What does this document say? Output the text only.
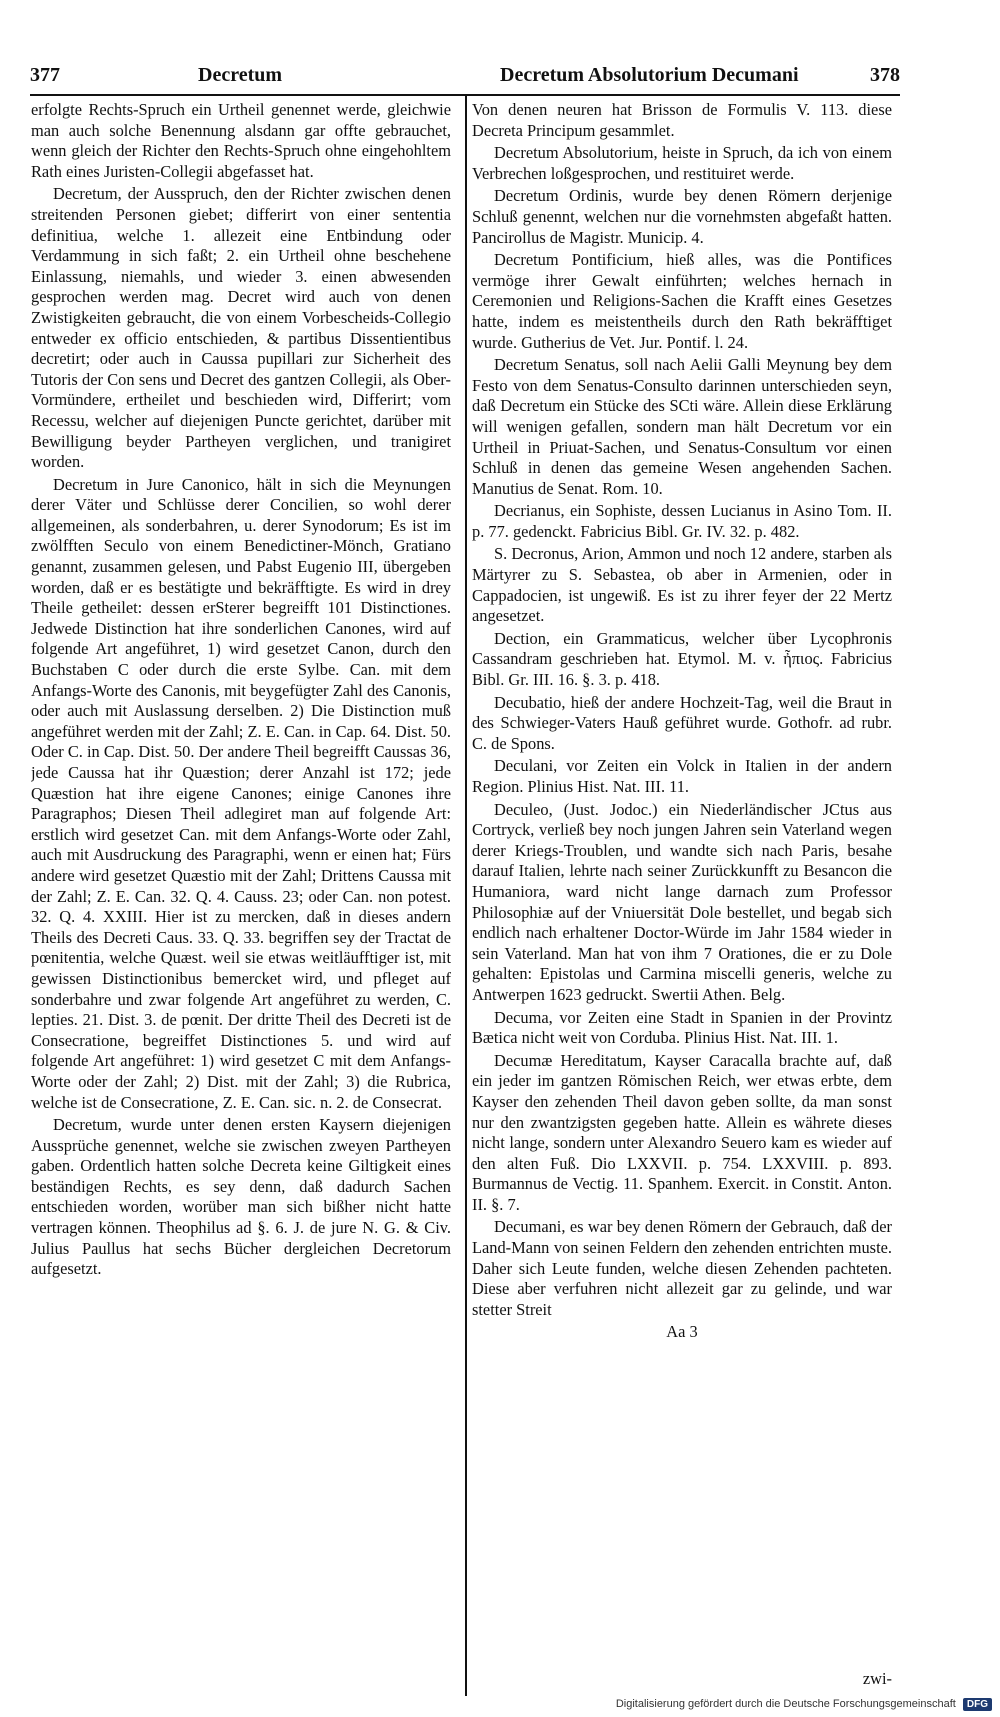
377	Decretum	Decretum Absolutorium Decumani	378

erfolgte Rechts-Spruch ein Urtheil genennet werde, gleichwie man auch solche Benennung alsdann gar offte gebrauchet, wenn gleich der Richter den Rechts-Spruch ohne eingehohltem Rath eines Juristen-Collegii abgefasset hat.

Decretum, der Ausspruch, den der Richter zwischen denen streitenden Personen giebet; differirt von einer sententia definitiua, welche 1. allezeit eine Entbindung oder Verdammung in sich faßt; 2. ein Urtheil ohne beschehene Einlassung, niemahls, und wieder 3. einen abwesenden gesprochen werden mag. Decret wird auch von denen Zwistigkeiten gebraucht, die von einem Vorbescheids-Collegio entweder ex officio entschieden, & partibus Dissentientibus decretirt; oder auch in Caussa pupillari zur Sicherheit des Tutoris der Con sens und Decret des gantzen Collegii, als Ober-Vormündere, ertheilet und beschieden wird, Differirt; vom Recessu, welcher auf diejenigen Puncte gerichtet, darüber mit Bewilligung beyder Partheyen verglichen, und tranigiret worden.

Decretum in Jure Canonico, hält in sich die Meynungen derer Väter und Schlüsse derer Concilien, so wohl derer allgemeinen, als sonderbahren, u. derer Synodorum; Es ist im zwölfften Seculo von einem Benedictiner-Mönch, Gratiano genannt, zusammen gelesen, und Pabst Eugenio III, übergeben worden, daß er es bestätigte und bekräfftigte. Es wird in drey Theile getheilet: dessen erSterer begreifft 101 Distinctiones. Jedwede Distinction hat ihre sonderlichen Canones, wird auf folgende Art angeführet, 1) wird gesetzet Canon, durch den Buchstaben C oder durch die erste Sylbe. Can. mit dem Anfangs-Worte des Canonis, mit beygefügter Zahl des Canonis, oder auch mit Auslassung derselben. 2) Die Distinction muß angeführet werden mit der Zahl; Z. E. Can. in Cap. 64. Dist. 50. Oder C. in Cap. Dist. 50. Der andere Theil begreifft Caussas 36, jede Caussa hat ihr Quæstion; derer Anzahl ist 172; jede Quæstion hat ihre eigene Canones; einige Canones ihre Paragraphos; Diesen Theil adlegiret man auf folgende Art: erstlich wird gesetzet Can. mit dem Anfangs-Worte oder Zahl, auch mit Ausdruckung des Paragraphi, wenn er einen hat; Fürs andere wird gesetzet Quæstio mit der Zahl; Drittens Caussa mit der Zahl; Z. E. Can. 32. Q. 4. Causs. 23; oder Can. non potest. 32. Q. 4. XXIII. Hier ist zu mercken, daß in dieses andern Theils des Decreti Caus. 33. Q. 33. begriffen sey der Tractat de pœnitentia, welche Quæst. weil sie etwas weitläufftiger ist, mit gewissen Distinctionibus bemercket wird, und pfleget auf sonderbahre und zwar folgende Art angeführet zu werden, C. lepties. 21. Dist. 3. de pœnit. Der dritte Theil des Decreti ist de Consecratione, begreiffet Distinctiones 5. und wird auf folgende Art angeführet: 1) wird gesetzet C mit dem Anfangs-Worte oder der Zahl; 2) Dist. mit der Zahl; 3) die Rubrica, welche ist de Consecratione, Z. E. Can. sic. n. 2. de Consecrat.

Decretum, wurde unter denen ersten Kaysern diejenigen Aussprüche genennet, welche sie zwischen zweyen Partheyen gaben. Ordentlich hatten solche Decreta keine Giltigkeit eines beständigen Rechts, es sey denn, daß dadurch Sachen entschieden worden, worüber man sich bißher nicht hatte vertragen können. Theophilus ad §. 6. J. de jure N. G. & Civ. Julius Paullus hat sechs Bücher dergleichen Decretorum aufgesetzt.

Von denen neuren hat Brisson de Formulis V. 113. diese Decreta Principum gesammlet.

Decretum Absolutorium, heiste in Spruch, da ich von einem Verbrechen loßgesprochen, und restituiret werde.

Decretum Ordinis, wurde bey denen Römern derjenige Schluß genennt, welchen nur die vornehmsten abgefaßt hatten. Pancirollus de Magistr. Municip. 4.

Decretum Pontificium, hieß alles, was die Pontifices vermöge ihrer Gewalt einführten; welches hernach in Ceremonien und Religions-Sachen die Krafft eines Gesetzes hatte, indem es meistentheils durch den Rath bekräfftiget wurde. Gutherius de Vet. Jur. Pontif. l. 24.

Decretum Senatus, soll nach Aelii Galli Meynung bey dem Festo von dem Senatus-Consulto darinnen unterschieden seyn, daß Decretum ein Stücke des SCti wäre. Allein diese Erklärung will wenigen gefallen, sondern man hält Decretum vor ein Urtheil in Priuat-Sachen, und Senatus-Consultum vor einen Schluß in denen das gemeine Wesen angehenden Sachen. Manutius de Senat. Rom. 10.

Decrianus, ein Sophiste, dessen Lucianus in Asino Tom. II. p. 77. gedenckt. Fabricius Bibl. Gr. IV. 32. p. 482.

S. Decronus, Arion, Ammon und noch 12 andere, starben als Märtyrer zu S. Sebastea, ob aber in Armenien, oder in Cappadocien, ist ungewiß. Es ist zu ihrer feyer der 22 Mertz angesetzet.

Dection, ein Grammaticus, welcher über Lycophronis Cassandram geschrieben hat. Etymol. M. v. ἦπιος. Fabricius Bibl. Gr. III. 16. §. 3. p. 418.

Decubatio, hieß der andere Hochzeit-Tag, weil die Braut in des Schwieger-Vaters Hauß geführet wurde. Gothofr. ad rubr. C. de Spons.

Deculani, vor Zeiten ein Volck in Italien in der andern Region. Plinius Hist. Nat. III. 11.

Deculeo, (Just. Jodoc.) ein Niederländischer JCtus aus Cortryck, verließ bey noch jungen Jahren sein Vaterland wegen derer Kriegs-Troublen, und wandte sich nach Paris, besahe darauf Italien, lehrte nach seiner Zurückkunfft zu Besancon die Humaniora, ward nicht lange darnach zum Professor Philosophiæ auf der Vniuersität Dole bestellet, und begab sich endlich nach erhaltener Doctor-Würde im Jahr 1584 wieder in sein Vaterland. Man hat von ihm 7 Orationes, die er zu Dole gehalten: Epistolas und Carmina miscelli generis, welche zu Antwerpen 1623 gedruckt. Swertii Athen. Belg.

Decuma, vor Zeiten eine Stadt in Spanien in der Provintz Bætica nicht weit von Corduba. Plinius Hist. Nat. III. 1.

Decumæ Hereditatum, Kayser Caracalla brachte auf, daß ein jeder im gantzen Römischen Reich, wer etwas erbte, dem Kayser den zehenden Theil davon geben sollte, da man sonst nur den zwantzigsten gegeben hatte. Allein es währete dieses nicht lange, sondern unter Alexandro Seuero kam es wieder auf den alten Fuß. Dio LXXVII. p. 754. LXXVIII. p. 893. Burmannus de Vectig. 11. Spanhem. Exercit. in Constit. Anton. II. §. 7.

Decumani, es war bey denen Römern der Gebrauch, daß der Land-Mann von seinen Feldern den zehenden entrichten muste. Daher sich Leute funden, welche diesen Zehenden pachteten. Diese aber verfuhren nicht allezeit gar zu gelinde, und war stetter Streit

Aa 3
zwi-

Digitalisierung gefördert durch die Deutsche Forschungsgemeinschaft DFG
